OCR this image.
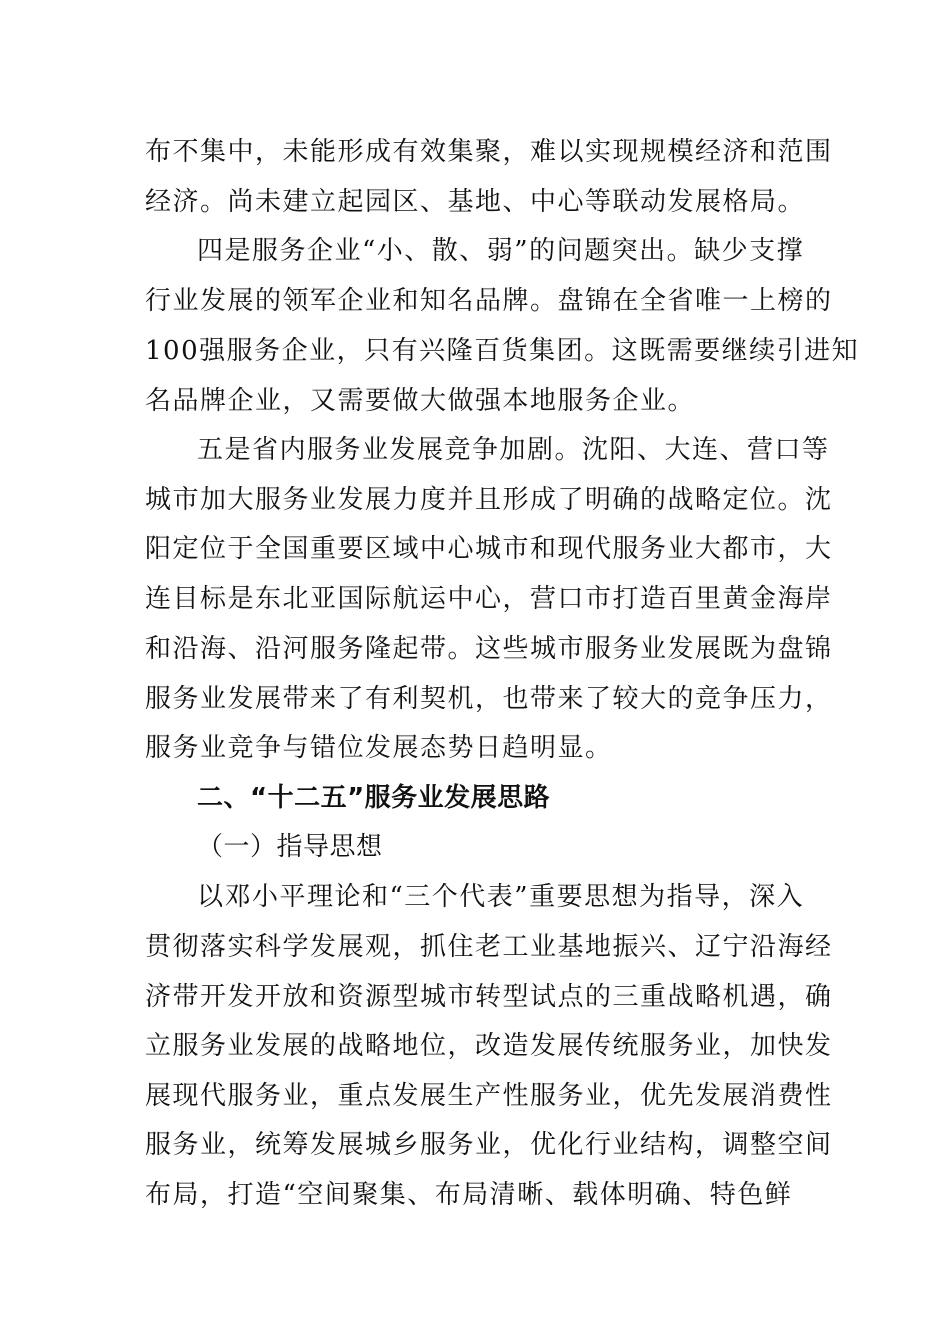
布不集中，未能形成有效集聚，难以实现规模经济和范围
经济。尚未建立起园区、基地、中心等联动发展格局。
四是服务企业“小、散、弱”的问题突出。缺少支撑
行业发展的领军企业和知名品牌。盘锦在全省唯一上榜的
100强服务企业，只有兴隆百货集团。这既需要继续引进知
名品牌企业，又需要做大做强本地服务企业。
五是省内服务业发展竞争加剧。沈阳、大连、营口等
城市加大服务业发展力度并且形成了明确的战略定位。沈
阳定位于全国重要区域中心城市和现代服务业大都市，大
连目标是东北亚国际航运中心，营口市打造百里黄金海岸
和沿海、沿河服务隆起带。这些城市服务业发展既为盘锦
服务业发展带来了有利契机，也带来了较大的竞争压力，
服务业竞争与错位发展态势日趋明显。
二、“十二五”服务业发展思路
（一）指导思想
以邓小平理论和“三个代表”重要思想为指导，深入
贯彻落实科学发展观，抓住老工业基地振兴、辽宁沿海经
济带开发开放和资源型城市转型试点的三重战略机遇，确
立服务业发展的战略地位，改造发展传统服务业，加快发
展现代服务业，重点发展生产性服务业，优先发展消费性
服务业，统筹发展城乡服务业，优化行业结构，调整空间
布局，打造“空间聚集、布局清晰、载体明确、特色鲜
